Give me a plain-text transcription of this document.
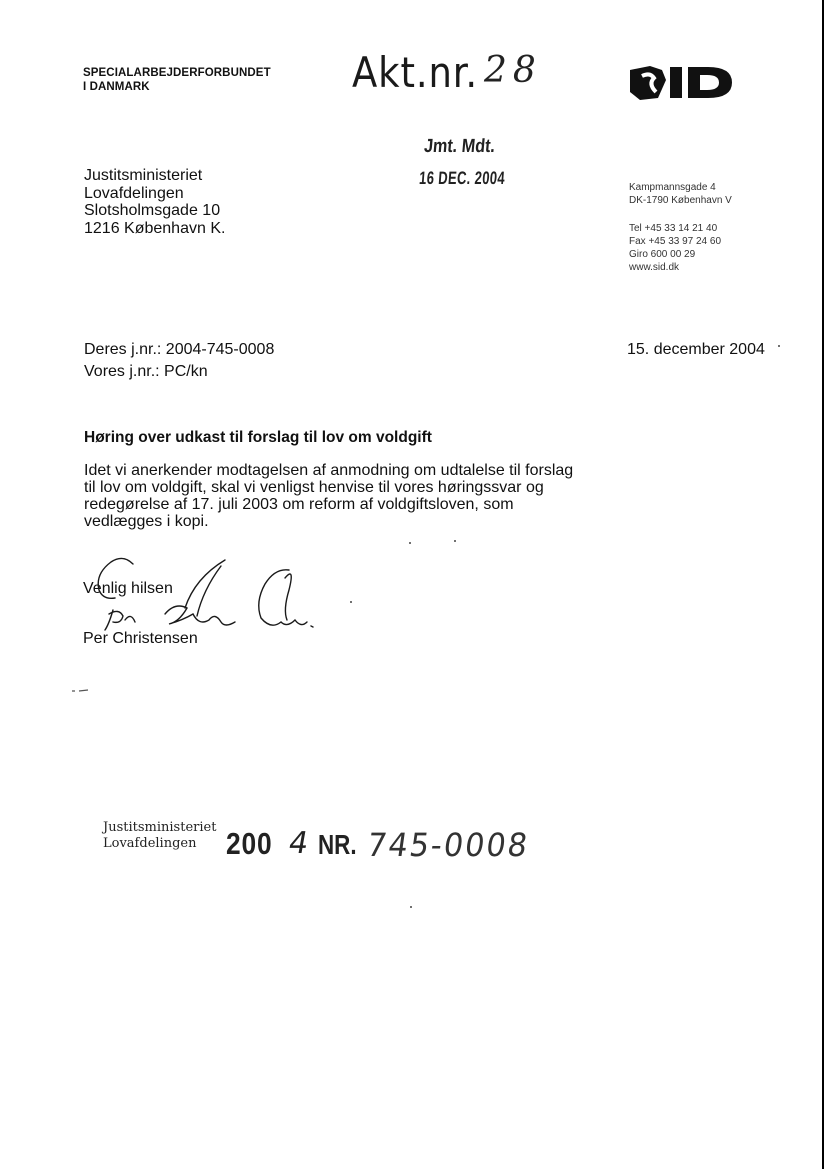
SPECIALARBEJDERFORBUNDET
I DANMARK	Akt.nr. 28
Jmt. Mdt.
16 DEC. 2004
Justitsministeriet
Lovafdelingen
Slotsholmsgade 10
1216 København K.
Kampmannsgade 4
DK-1790 København V
Tel +45 33 14 21 40
Fax +45 33 97 24 60
Giro 600 00 29
www.sid.dk
Deres j.nr.: 2004-745-0008
Vores j.nr.: PC/kn
15. december 2004
Høring over udkast til forslag til lov om voldgift
Idet vi anerkender modtagelsen af anmodning om udtalelse til forslag
til lov om voldgift, skal vi venligst henvise til vores høringssvar og
redegørelse af 17. juli 2003 om reform af voldgiftsloven, som
vedlægges i kopi.
Venlig hilsen
Per Christensen
Justitsministeriet
Lovafdelingen 200 4 NR. 745-0008
